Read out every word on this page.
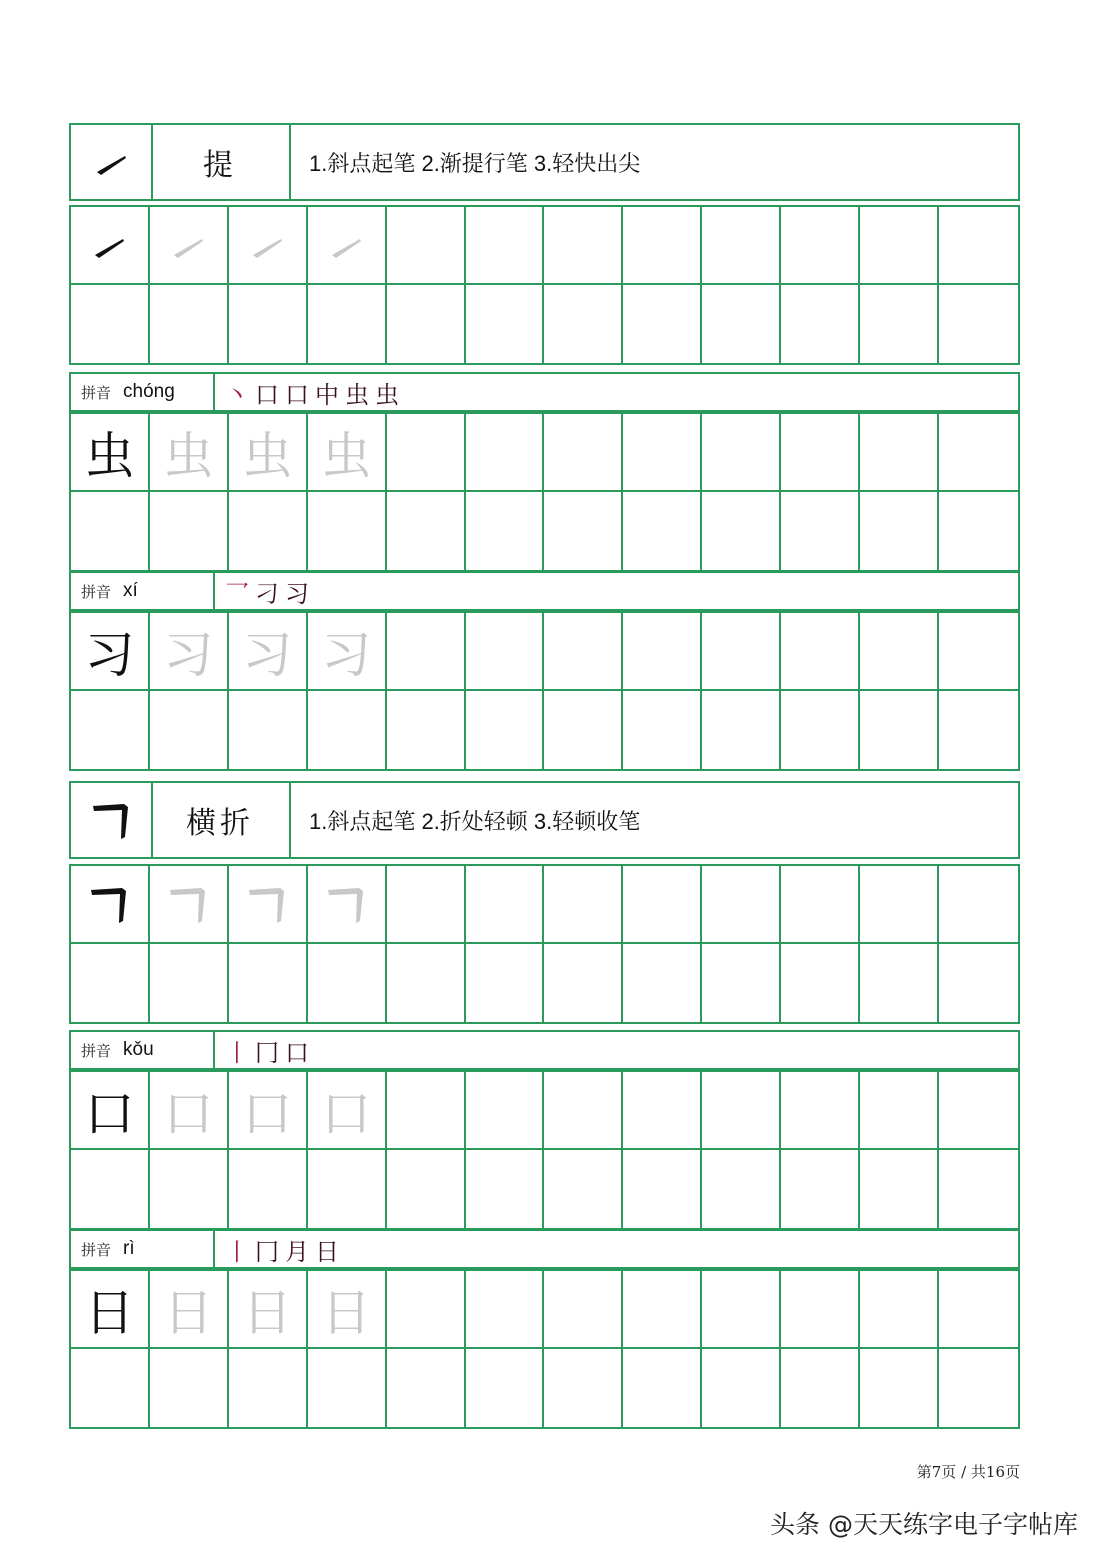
提	1.斜点起笔 2.渐提行笔 3.轻快出尖
拼音 chóng 丶 口 口 中 虫 虫
虫 虫 虫 虫
拼音 xí	乛 刁 习
习 习 习 习
横折	1.斜点起笔 2.折处轻顿 3.轻顿收笔
拼音 kǒu	丨 冂 口
口 口 口 口
拼音 rì	丨 冂 月 日
日 日 日 日
第7页 / 共16页
头条 @天天练字电子字帖库
